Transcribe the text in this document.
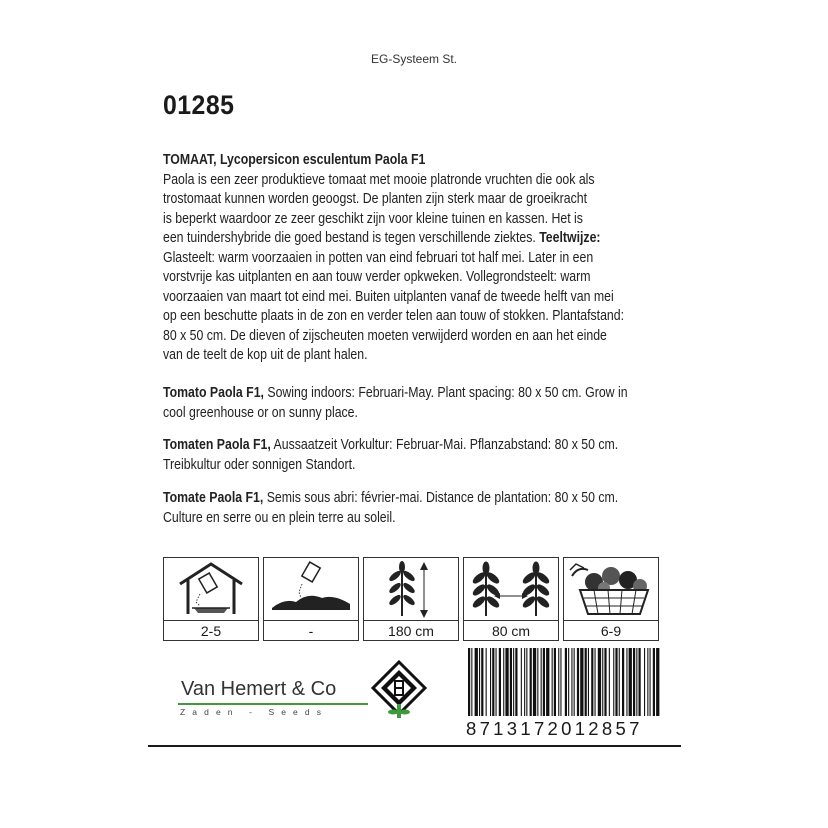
EG-Systeem St.
01285
TOMAAT, Lycopersicon esculentum Paola F1
Paola is een zeer produktieve tomaat met mooie platronde vruchten die ook als
trostomaat kunnen worden geoogst. De planten zijn sterk maar de groeikracht
is beperkt waardoor ze zeer geschikt zijn voor kleine tuinen en kassen. Het is
een tuindershybride die goed bestand is tegen verschillende ziektes. Teeltwijze:
Glasteelt: warm voorzaaien in potten van eind februari tot half mei. Later in een
vorstvrije kas uitplanten en aan touw verder opkweken. Vollegrondsteelt: warm
voorzaaien van maart tot eind mei. Buiten uitplanten vanaf de tweede helft van mei
op een beschutte plaats in de zon en verder telen aan touw of stokken. Plantafstand:
80 x 50 cm. De dieven of zijscheuten moeten verwijderd worden en aan het einde
van de teelt de kop uit de plant halen.
Tomato Paola F1, Sowing indoors: Februari-May. Plant spacing: 80 x 50 cm. Grow in
cool greenhouse or on sunny place.
Tomaten Paola F1, Aussaatzeit Vorkultur: Februar-Mai. Pflanzabstand: 80 x 50 cm.
Treibkultur oder sonnigen Standort.
Tomate Paola F1, Semis sous abri: février-mai. Distance de plantation: 80 x 50 cm.
Culture en serre ou en plein terre au soleil.
2-5	-	180 cm	80 cm	6-9
Van Hemert & Co
Zaden - Seeds
8713172012857
